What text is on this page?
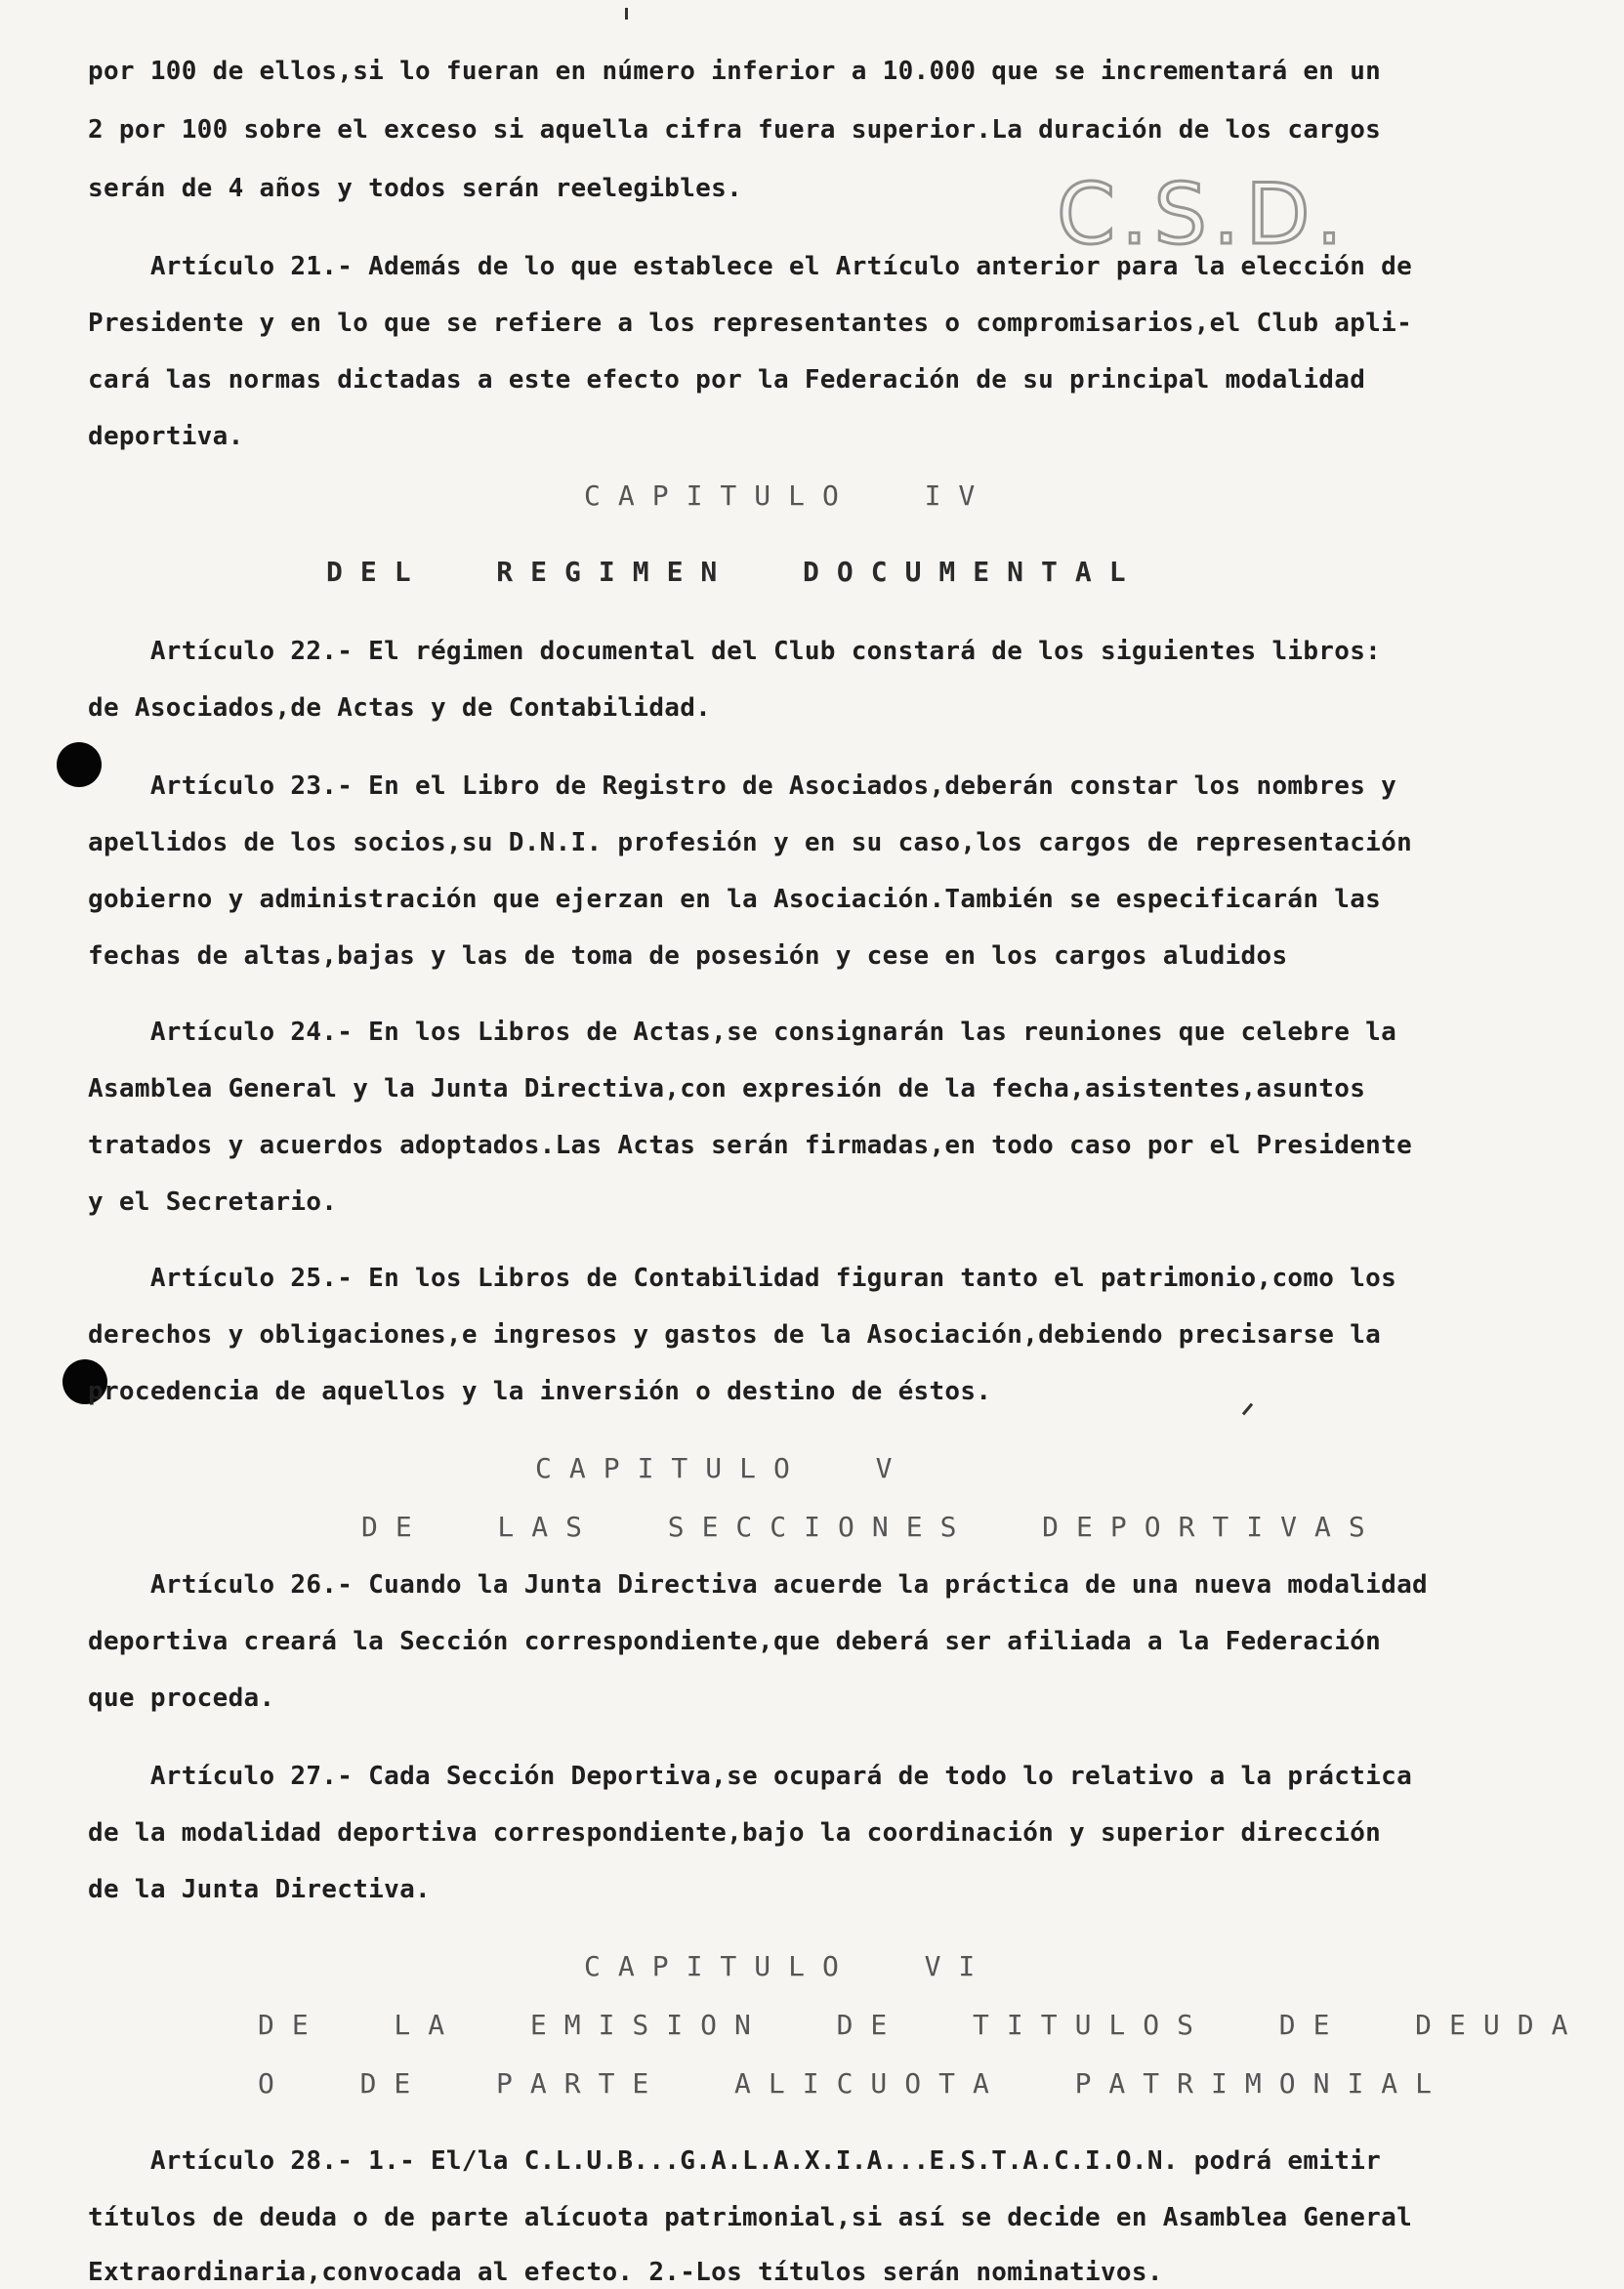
C.S.D.
por 100 de ellos,si lo fueran en número inferior a 10.000 que se incrementará en un
2 por 100 sobre el exceso si aquella cifra fuera superior.La duración de los cargos
serán de 4 años y todos serán reelegibles.
Artículo 21.- Además de lo que establece el Artículo anterior para la elección de
Presidente y en lo que se refiere a los representantes o compromisarios,el Club apli-
cará las normas dictadas a este efecto por la Federación de su principal modalidad
deportiva.
CAPITULO  IV
DEL  REGIMEN  DOCUMENTAL
Artículo 22.- El régimen documental del Club constará de los siguientes libros:
de Asociados,de Actas y de Contabilidad.
Artículo 23.- En el Libro de Registro de Asociados,deberán constar los nombres y
apellidos de los socios,su D.N.I. profesión y en su caso,los cargos de representación
gobierno y administración que ejerzan en la Asociación.También se especificarán las
fechas de altas,bajas y las de toma de posesión y cese en los cargos aludidos
Artículo 24.- En los Libros de Actas,se consignarán las reuniones que celebre la
Asamblea General y la Junta Directiva,con expresión de la fecha,asistentes,asuntos
tratados y acuerdos adoptados.Las Actas serán firmadas,en todo caso por el Presidente
y el Secretario.
Artículo 25.- En los Libros de Contabilidad figuran tanto el patrimonio,como los
derechos y obligaciones,e ingresos y gastos de la Asociación,debiendo precisarse la
procedencia de aquellos y la inversión o destino de éstos.
CAPITULO  V
DE  LAS  SECCIONES  DEPORTIVAS
Artículo 26.- Cuando la Junta Directiva acuerde la práctica de una nueva modalidad
deportiva creará la Sección correspondiente,que deberá ser afiliada a la Federación
que proceda.
Artículo 27.- Cada Sección Deportiva,se ocupará de todo lo relativo a la práctica
de la modalidad deportiva correspondiente,bajo la coordinación y superior dirección
de la Junta Directiva.
CAPITULO  VI
DE  LA  EMISION  DE  TITULOS  DE  DEUDA
O  DE  PARTE  ALICUOTA  PATRIMONIAL
Artículo 28.- 1.- El/la C.L.U.B...G.A.L.A.X.I.A...E.S.T.A.C.I.O.N. podrá emitir
títulos de deuda o de parte alícuota patrimonial,si así se decide en Asamblea General
Extraordinaria,convocada al efecto. 2.-Los títulos serán nominativos.
